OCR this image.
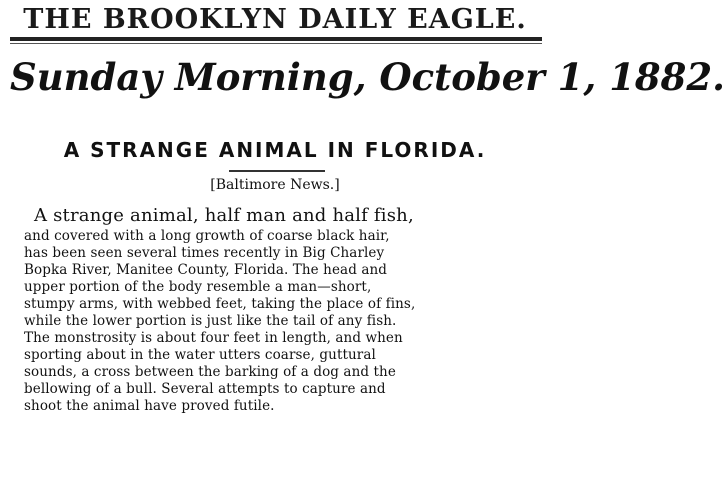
THE BROOKLYN DAILY EAGLE.
Sunday Morning, October 1, 1882.
A STRANGE ANIMAL IN FLORIDA.
[Baltimore News.]
A strange animal, half man and half fish,
and covered with a long growth of coarse black hair,
has been seen several times recently in Big Charley
Bopka River, Manitee County, Florida. The head and
upper portion of the body resemble a man—short,
stumpy arms, with webbed feet, taking the place of fins,
while the lower portion is just like the tail of any fish.
The monstrosity is about four feet in length, and when
sporting about in the water utters coarse, guttural
sounds, a cross between the barking of a dog and the
bellowing of a bull. Several attempts to capture and
shoot the animal have proved futile.
